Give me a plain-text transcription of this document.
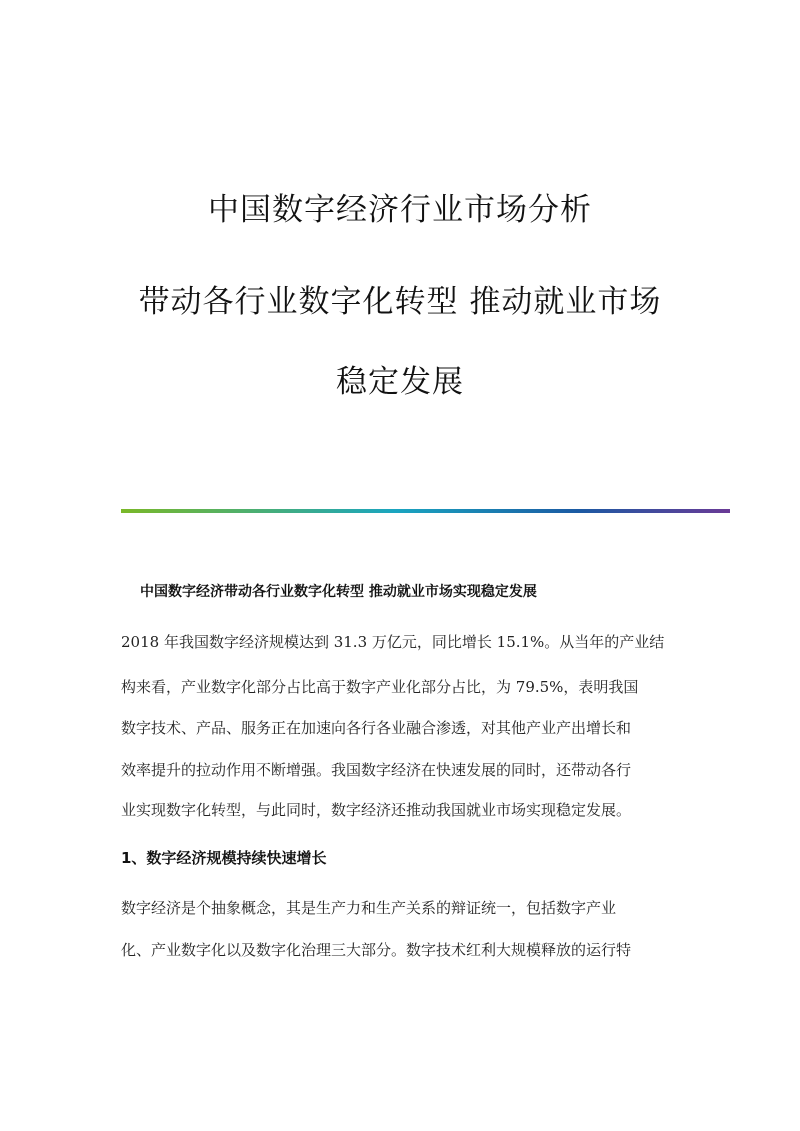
中国数字经济行业市场分析
带动各行业数字化转型 推动就业市场
稳定发展
中国数字经济带动各行业数字化转型 推动就业市场实现稳定发展
2018 年我国数字经济规模达到 31.3 万亿元，同比增长 15.1%。从当年的产业结
构来看，产业数字化部分占比高于数字产业化部分占比，为 79.5%，表明我国
数字技术、产品、服务正在加速向各行各业融合渗透，对其他产业产出增长和
效率提升的拉动作用不断增强。我国数字经济在快速发展的同时，还带动各行
业实现数字化转型，与此同时，数字经济还推动我国就业市场实现稳定发展。
1、数字经济规模持续快速增长
数字经济是个抽象概念，其是生产力和生产关系的辩证统一，包括数字产业
化、产业数字化以及数字化治理三大部分。数字技术红利大规模释放的运行特
